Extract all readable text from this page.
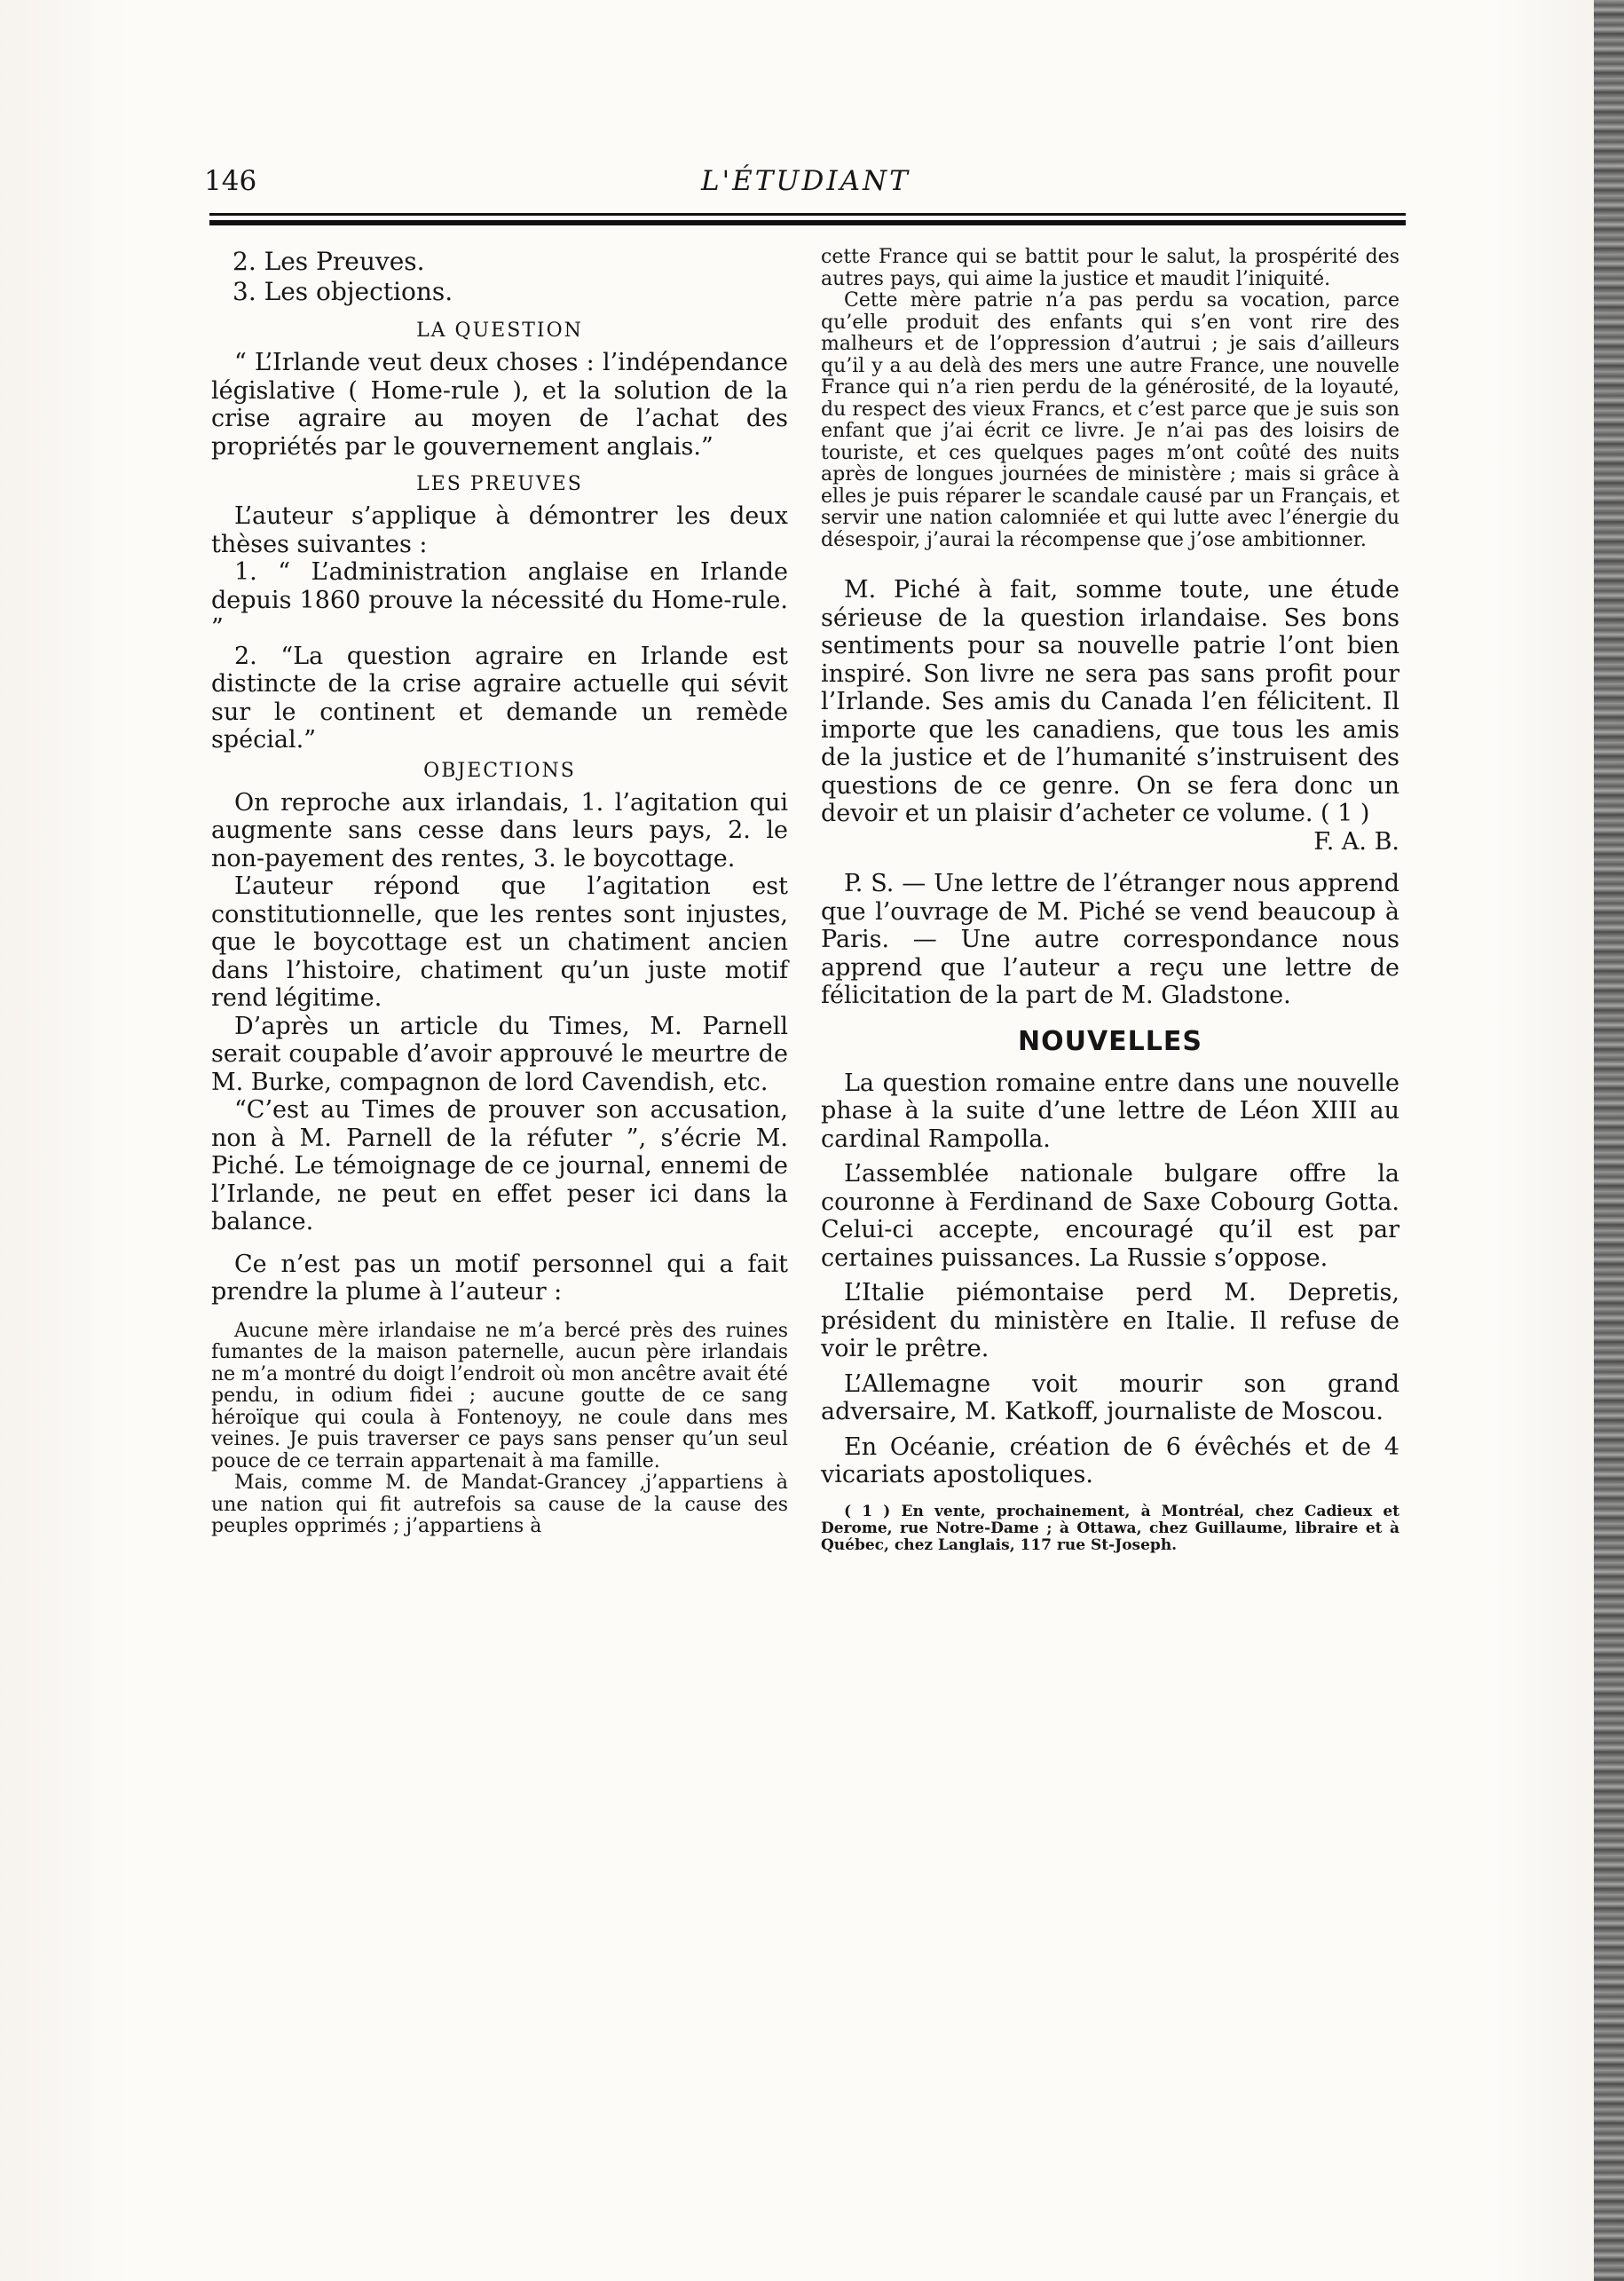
146	L'ÉTUDIANT

2. Les Preuves.

3. Les objections.

LA QUESTION

“ L’Irlande veut deux choses : l’indépendance législative ( Home-rule ), et la solution de la crise agraire au moyen de l’achat des propriétés par le gouvernement anglais.”

LES PREUVES

L’auteur s’applique à démontrer les deux thèses suivantes :

1. “ L’administration anglaise en Irlande depuis 1860 prouve la nécessité du Home-rule. ”

2. “La question agraire en Irlande est distincte de la crise agraire actuelle qui sévit sur le continent et demande un remède spécial.”

OBJECTIONS

On reproche aux irlandais, 1. l’agitation qui augmente sans cesse dans leurs pays, 2. le non-payement des rentes, 3. le boycottage.

L’auteur répond que l’agitation est constitutionnelle, que les rentes sont injustes, que le boycottage est un chatiment ancien dans l’histoire, chatiment qu’un juste motif rend légitime.

D’après un article du Times, M. Parnell serait coupable d’avoir approuvé le meurtre de M. Burke, compagnon de lord Cavendish, etc.

“C’est au Times de prouver son accusation, non à M. Parnell de la réfuter ”, s’écrie M. Piché. Le témoignage de ce journal, ennemi de l’Irlande, ne peut en effet peser ici dans la balance.

Ce n’est pas un motif personnel qui a fait prendre la plume à l’auteur :

Aucune mère irlandaise ne m’a bercé près des ruines fumantes de la maison paternelle, aucun père irlandais ne m’a montré du doigt l’endroit où mon ancêtre avait été pendu, in odium fidei ; aucune goutte de ce sang héroïque qui coula à Fontenoyy, ne coule dans mes veines. Je puis traverser ce pays sans penser qu’un seul pouce de ce terrain appartenait à ma famille.

Mais, comme M. de Mandat-Grancey ,j’appartiens à une nation qui fit autrefois sa cause de la cause des peuples opprimés ; j’appartiens à

cette France qui se battit pour le salut, la prospérité des autres pays, qui aime la justice et maudit l’iniquité.

Cette mère patrie n’a pas perdu sa vocation, parce qu’elle produit des enfants qui s’en vont rire des malheurs et de l’oppression d’autrui ; je sais d’ailleurs qu’il y a au delà des mers une autre France, une nouvelle France qui n’a rien perdu de la générosité, de la loyauté, du respect des vieux Francs, et c’est parce que je suis son enfant que j’ai écrit ce livre. Je n’ai pas des loisirs de touriste, et ces quelques pages m’ont coûté des nuits après de longues journées de ministère ; mais si grâce à elles je puis réparer le scandale causé par un Français, et servir une nation calomniée et qui lutte avec l’énergie du désespoir, j’aurai la récompense que j’ose ambitionner.

M. Piché à fait, somme toute, une étude sérieuse de la question irlandaise. Ses bons sentiments pour sa nouvelle patrie l’ont bien inspiré. Son livre ne sera pas sans profit pour l’Irlande. Ses amis du Canada l’en félicitent. Il importe que les canadiens, que tous les amis de la justice et de l’humanité s’instruisent des questions de ce genre. On se fera donc un devoir et un plaisir d’acheter ce volume. ( 1 )

F. A. B.

P. S. — Une lettre de l’étranger nous apprend que l’ouvrage de M. Piché se vend beaucoup à Paris. — Une autre correspondance nous apprend que l’auteur a reçu une lettre de félicitation de la part de M. Gladstone.

NOUVELLES

La question romaine entre dans une nouvelle phase à la suite d’une lettre de Léon XIII au cardinal Rampolla.

L’assemblée nationale bulgare offre la couronne à Ferdinand de Saxe Cobourg Gotta. Celui-ci accepte, encouragé qu’il est par certaines puissances. La Russie s’oppose.

L’Italie piémontaise perd M. Depretis, président du ministère en Italie. Il refuse de voir le prêtre.

L’Allemagne voit mourir son grand adversaire, M. Katkoff, journaliste de Moscou.

En Océanie, création de 6 évêchés et de 4 vicariats apostoliques.

( 1 ) En vente, prochainement, à Montréal, chez Cadieux et Derome, rue Notre-Dame ; à Ottawa, chez Guillaume, libraire et à Québec, chez Langlais, 117 rue St-Joseph.
